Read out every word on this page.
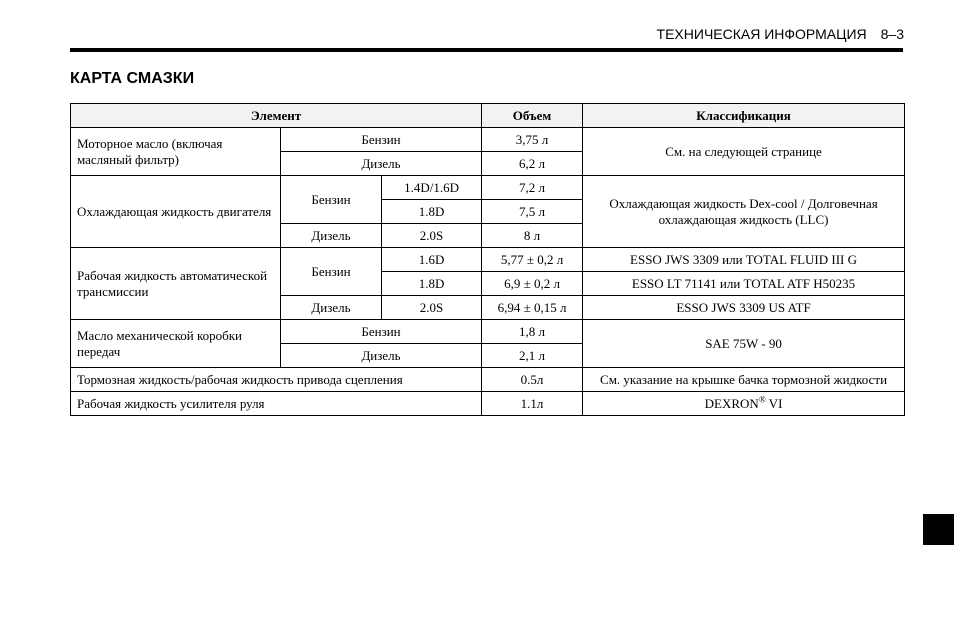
ТЕХНИЧЕСКАЯ ИНФОРМАЦИЯ 8–3
КАРТА СМАЗКИ
Элемент			Объем	Классификация
Моторное масло (включая масляный фильтр)	Бензин		3,75 л	См. на следующей странице
	Дизель		6,2 л	
Охлаждающая жидкость двигателя	Бензин	1.4D/1.6D	7,2 л	Охлаждающая жидкость Dex-cool / Долговечная охлаждающая жидкость (LLC)
		1.8D	7,5 л	
	Дизель	2.0S	8 л	
Рабочая жидкость автоматической трансмиссии	Бензин	1.6D	5,77 ± 0,2 л	ESSO JWS 3309 или TOTAL FLUID III G
		1.8D	6,9 ± 0,2 л	ESSO LT 71141 или TOTAL ATF H50235
	Дизель	2.0S	6,94 ± 0,15 л	ESSO JWS 3309 US ATF
Масло механической коробки передач	Бензин		1,8 л	SAE 75W - 90
	Дизель		2,1 л	
Тормозная жидкость/рабочая жидкость привода сцепления			0.5л	См. указание на крышке бачка тормозной жидкости
Рабочая жидкость усилителя руля			1.1л	DEXRON® VI
